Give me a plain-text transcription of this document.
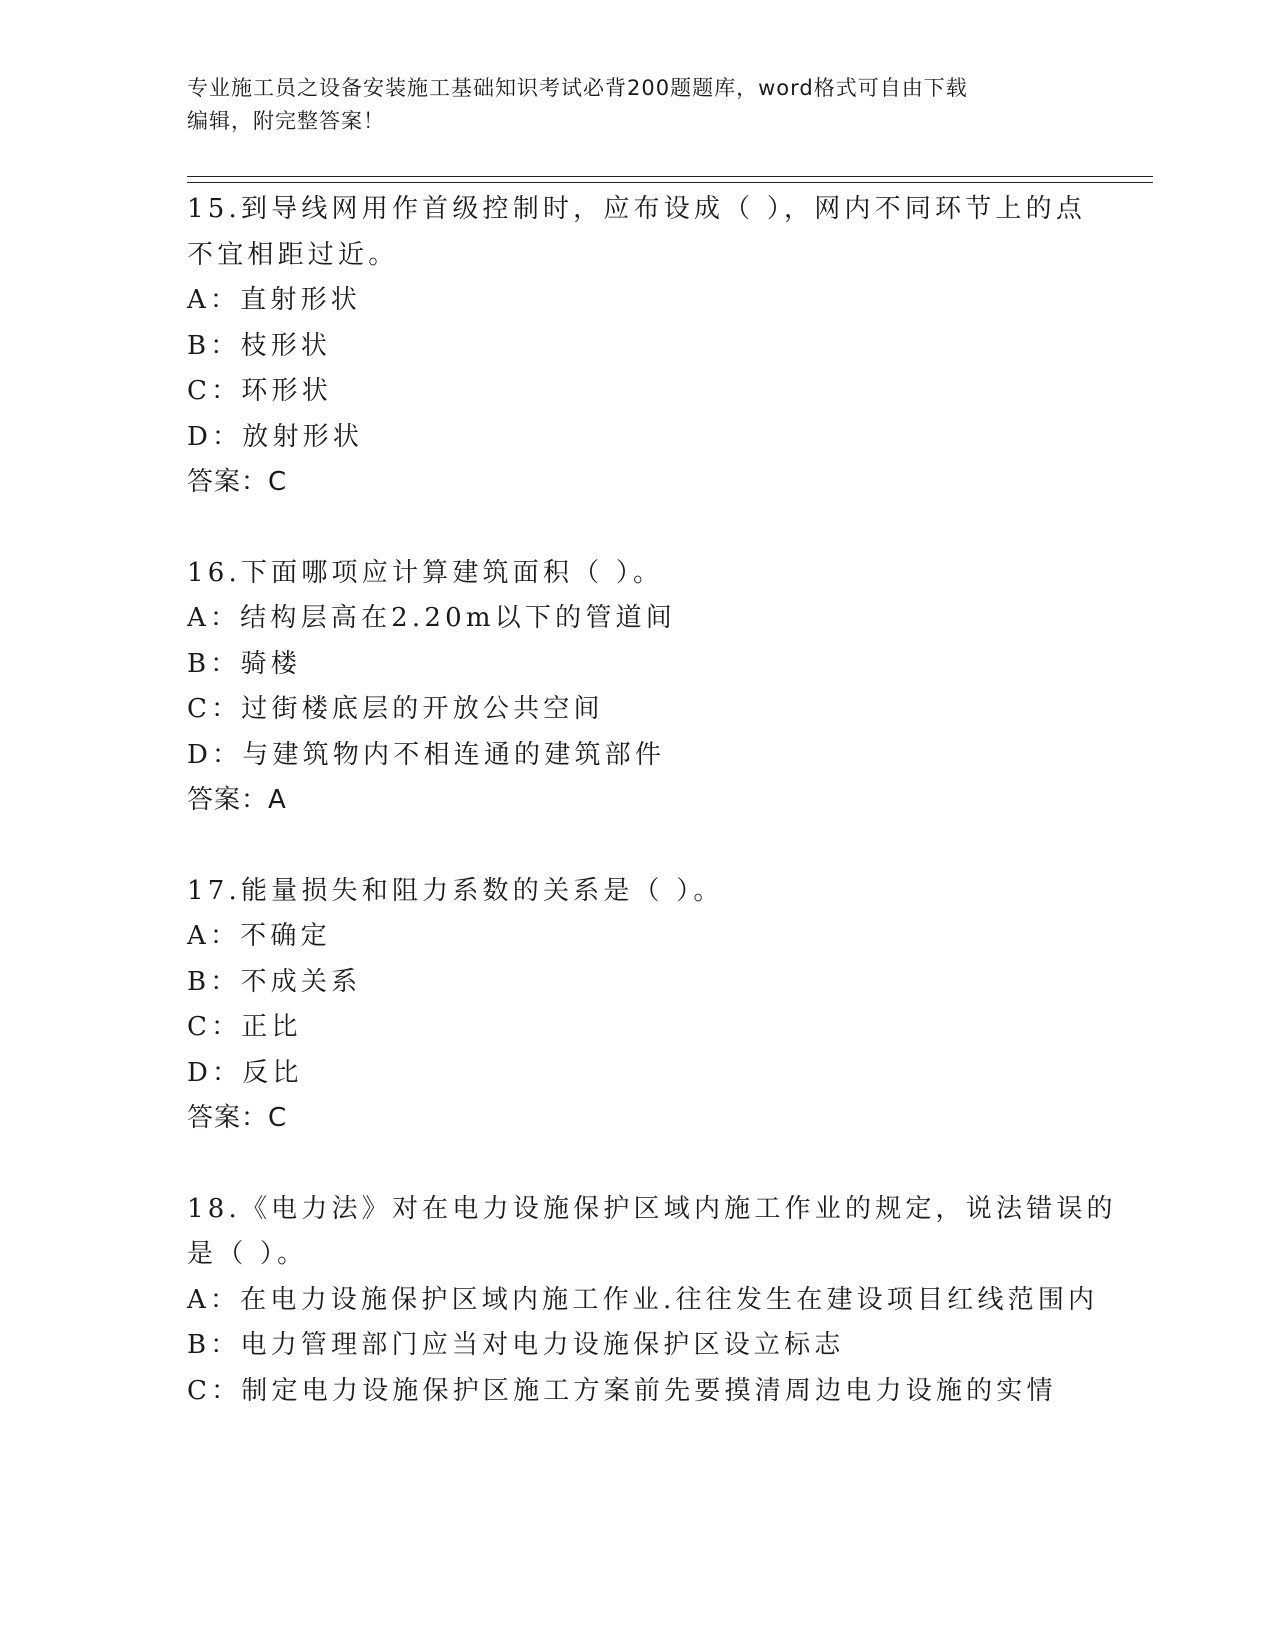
专业施工员之设备安装施工基础知识考试必背200题题库，word格式可自由下载
编辑，附完整答案！
15.到导线网用作首级控制时，应布设成（ ），网内不同环节上的点
不宜相距过近。
A：直射形状
B：枝形状
C：环形状
D：放射形状
答案：C
16.下面哪项应计算建筑面积（ ）。
A：结构层高在2.20m以下的管道间
B：骑楼
C：过街楼底层的开放公共空间
D：与建筑物内不相连通的建筑部件
答案：A
17.能量损失和阻力系数的关系是（ ）。
A：不确定
B：不成关系
C：正比
D：反比
答案：C
18.《电力法》对在电力设施保护区域内施工作业的规定，说法错误的
是（ ）。
A：在电力设施保护区域内施工作业.往往发生在建设项目红线范围内
B：电力管理部门应当对电力设施保护区设立标志
C：制定电力设施保护区施工方案前先要摸清周边电力设施的实情
